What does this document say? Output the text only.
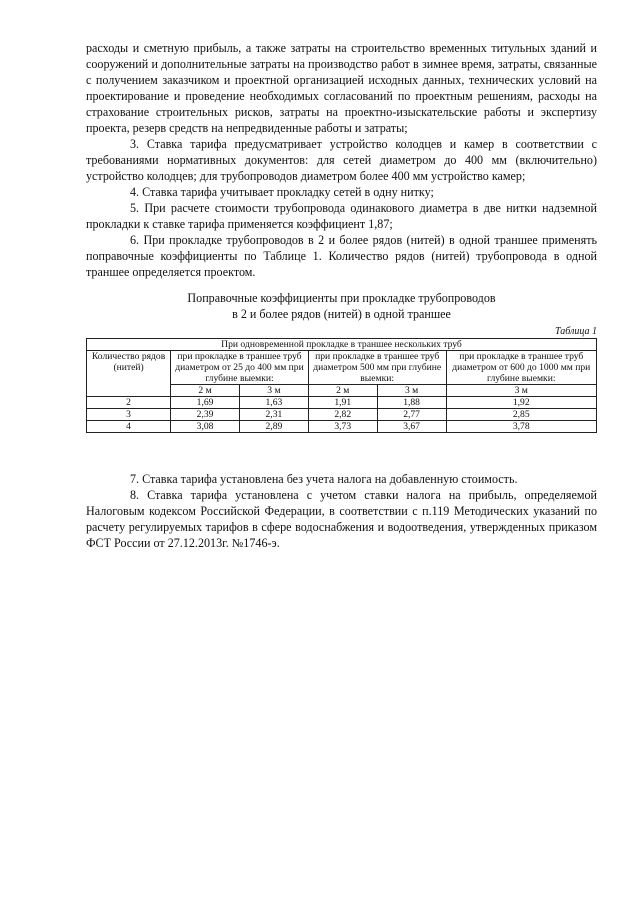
расходы и сметную прибыль, а также затраты на строительство временных титульных зданий и сооружений и дополнительные затраты на производство работ в зимнее время, затраты, связанные с получением заказчиком и проектной организацией исходных данных, технических условий на проектирование и проведение необходимых согласований по проектным решениям, расходы на страхование строительных рисков, затраты на проектно-изыскательские работы и экспертизу проекта, резерв средств на непредвиденные работы и затраты;

3. Ставка тарифа предусматривает устройство колодцев и камер в соответствии с требованиями нормативных документов: для сетей диаметром до 400 мм (включительно) устройство колодцев; для трубопроводов диаметром более 400 мм устройство камер;

4. Ставка тарифа учитывает прокладку сетей в одну нитку;

5. При расчете стоимости трубопровода одинакового диаметра в две нитки надземной прокладки к ставке тарифа применяется коэффициент 1,87;

6. При прокладке трубопроводов в 2 и более рядов (нитей) в одной траншее применять поправочные коэффициенты по Таблице 1. Количество рядов (нитей) трубопровода в одной траншее определяется проектом.

Поправочные коэффициенты при прокладке трубопроводов
в 2 и более рядов (нитей) в одной траншее
Таблица 1
При одновременной прокладке в траншее нескольких труб					
Количество рядов (нитей)	при прокладке в траншее труб диаметром от 25 до 400 мм при глубине выемки:		при прокладке в траншее труб диаметром 500 мм при глубине выемки:		при прокладке в траншее труб диаметром от 600 до 1000 мм при глубине выемки:
	2 м	3 м	2 м	3 м	3 м
2	1,69	1,63	1,91	1,88	1,92
3	2,39	2,31	2,82	2,77	2,85
4	3,08	2,89	3,73	3,67	3,78

7. Ставка тарифа установлена без учета налога на добавленную стоимость.

8. Ставка тарифа установлена с учетом ставки налога на прибыль, определяемой Налоговым кодексом Российской Федерации, в соответствии с п.119 Методических указаний по расчету регулируемых тарифов в сфере водоснабжения и водоотведения, утвержденных приказом ФСТ России от 27.12.2013г. №1746-э.
